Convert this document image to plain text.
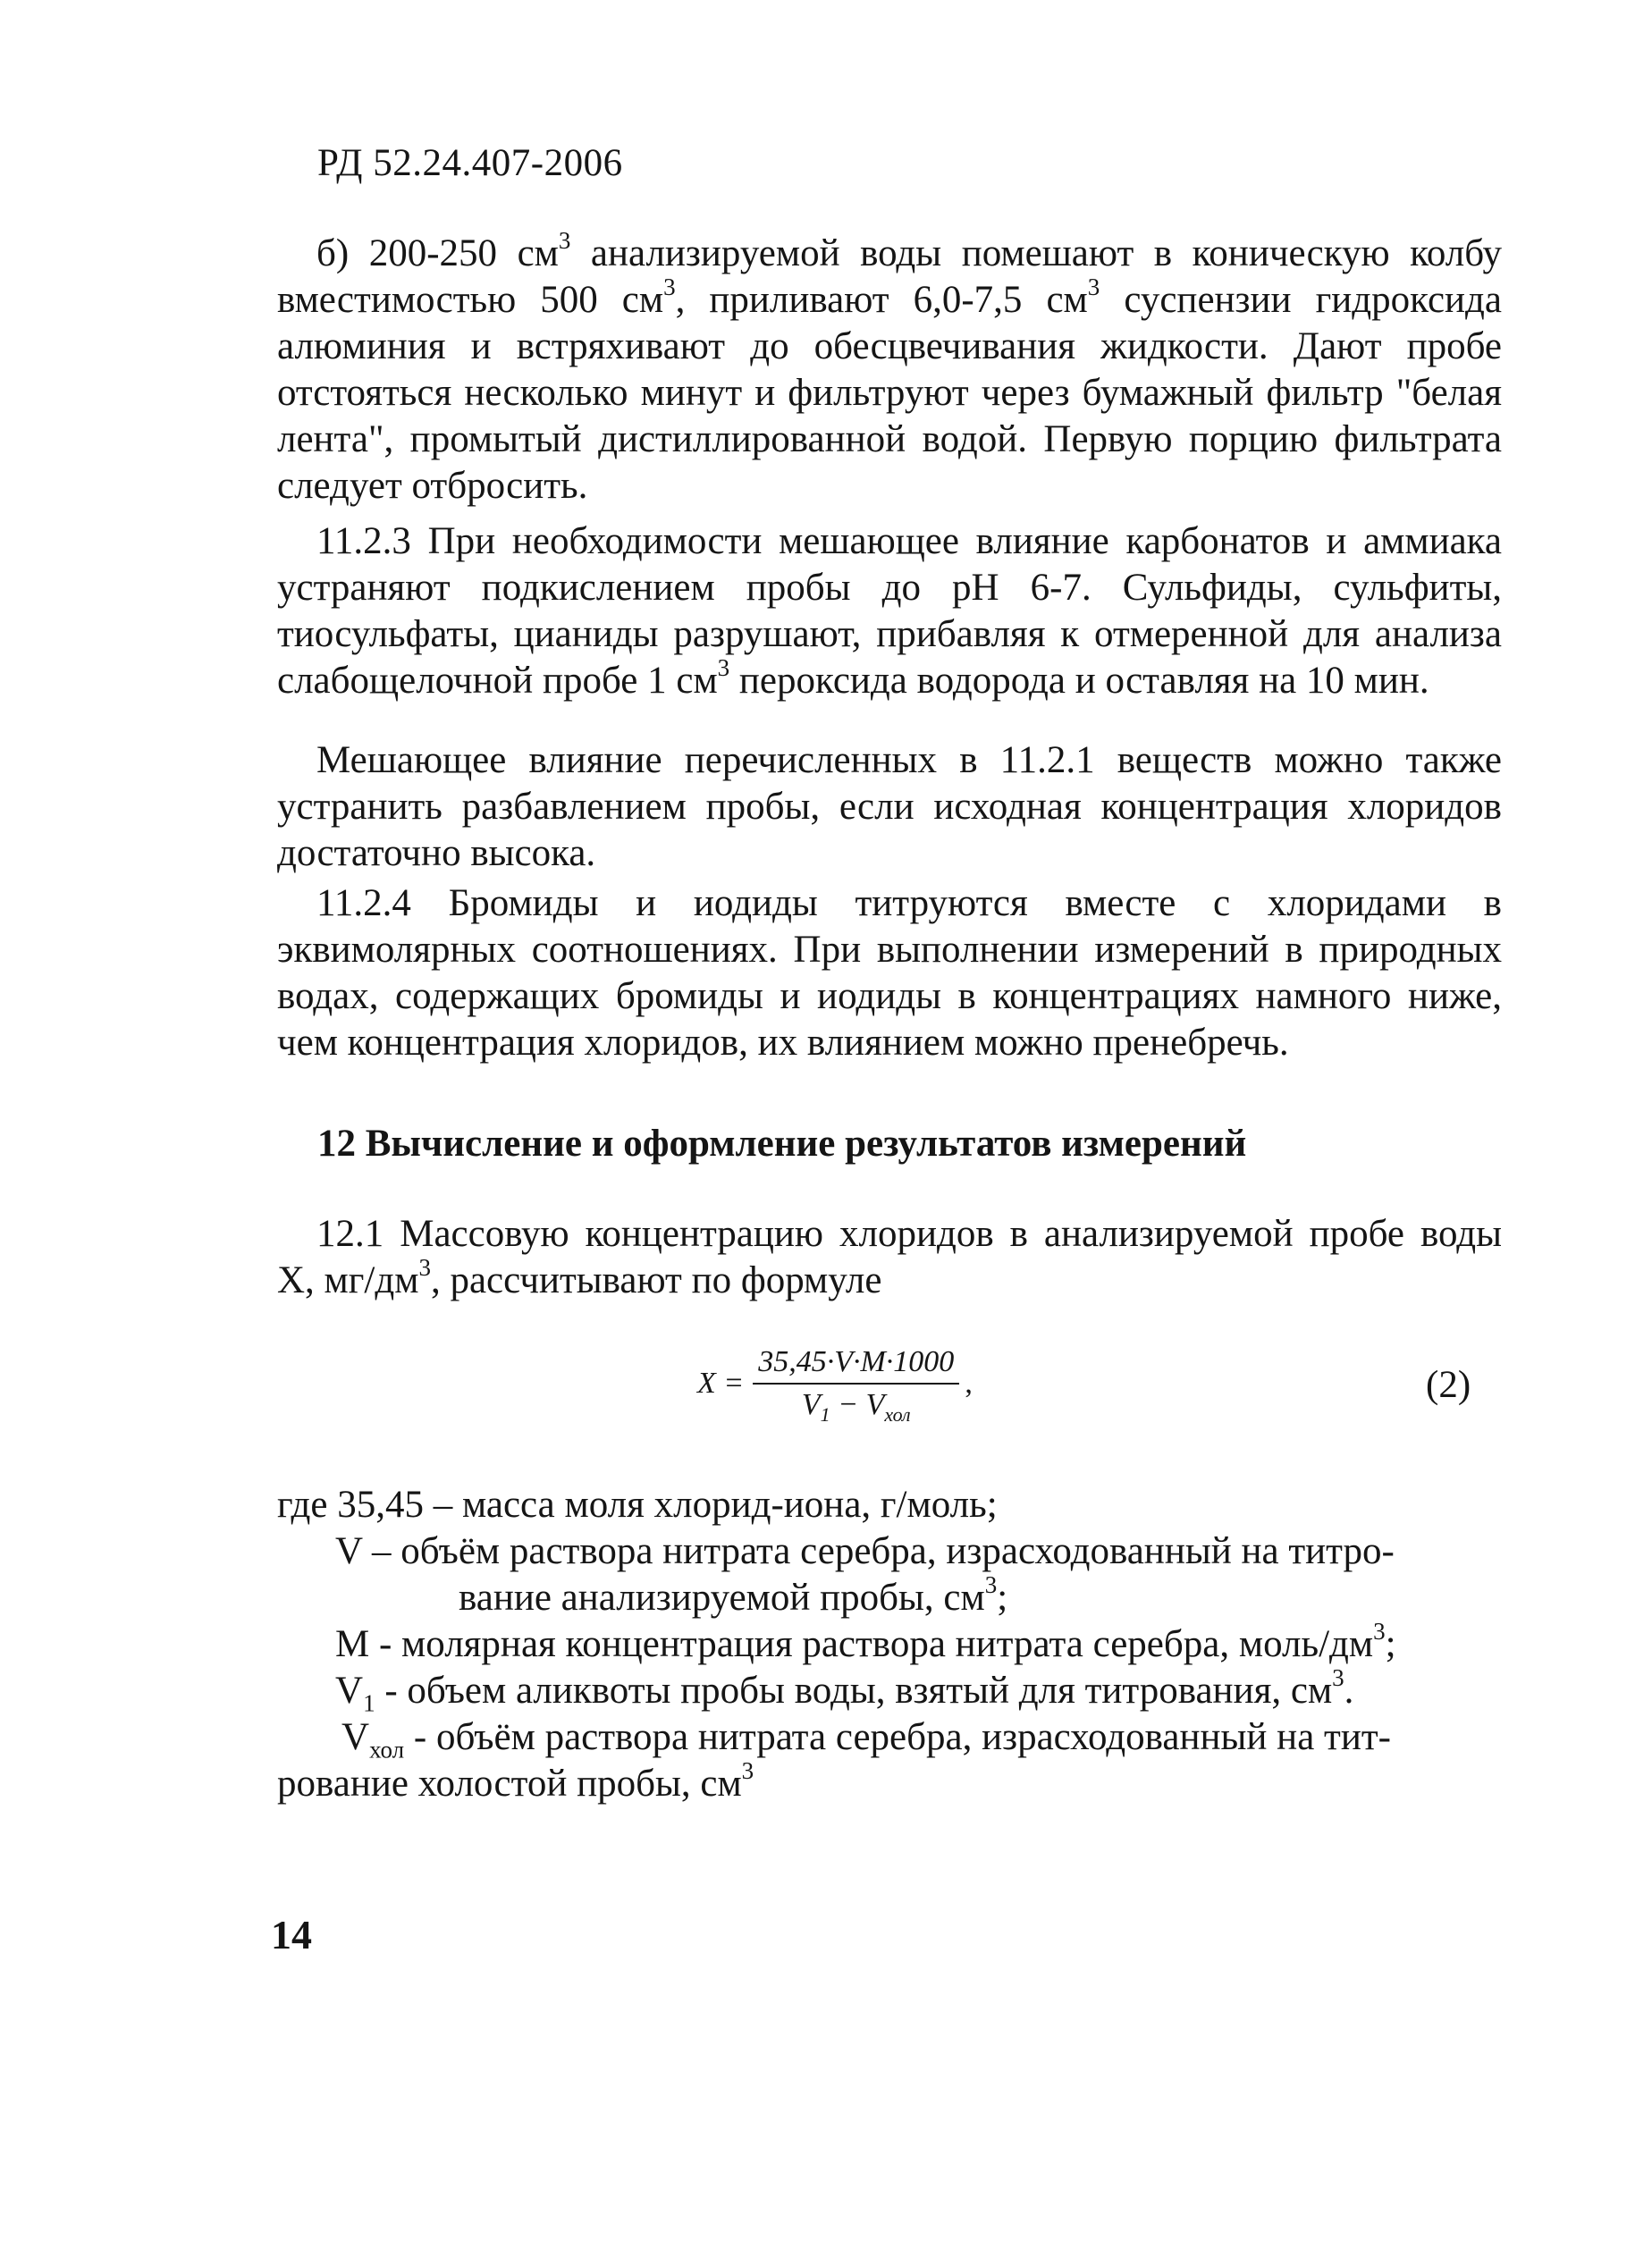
РД 52.24.407-2006

б) 200-250 $см^3$ анализируемой воды помешают в коническую колбу вместимостью 500 $см^3$, приливают 6,0-7,5 $см^3$ суспензии гидроксида алюминия и встряхивают до обесцвечивания жидкости. Дают пробе отстояться несколько минут и фильтруют через бумажный фильтр "белая лента", промытый дистиллированной водой. Первую порцию фильтрата следует отбросить.

11.2.3 При необходимости мешающее влияние карбонатов и аммиака устраняют подкислением пробы до рН 6-7. Сульфиды, сульфиты, тиосульфаты, цианиды разрушают, прибавляя к отмеренной для анализа слабощелочной пробе 1 $см^3$ пероксида водорода и оставляя на 10 мин.

Мешающее влияние перечисленных в 11.2.1 веществ можно также устранить разбавлением пробы, если исходная концентрация хлоридов достаточно высока.

11.2.4 Бромиды и иодиды титруются вместе с хлоридами в эквимолярных соотношениях. При выполнении измерений в природных водах, содержащих бромиды и иодиды в концентрациях намного ниже, чем концентрация хлоридов, их влиянием можно пренебречь.

12 Вычисление и оформление результатов измерений

12.1 Массовую концентрацию хлоридов в анализируемой пробе воды X, $мг/дм^3$, рассчитывают по формуле

$X = \frac{35,45\cdot V\cdot M\cdot 1000}{V_1 - V_{хол}}$ ,	(2)
где 35,45 – масса моля хлорид-иона, г/моль;
V – объём раствора нитрата серебра, израсходованный на титро-
вание анализируемой пробы, $см^3$;
M - молярная концентрация раствора нитрата серебра, моль/$дм^3$;
$V_1$ - объем аликвоты пробы воды, взятый для титрования, $см^3$.
$V_{хол}$ - объём раствора нитрата серебра, израсходованный на тит-
рование холостой пробы, $см^3$
14
